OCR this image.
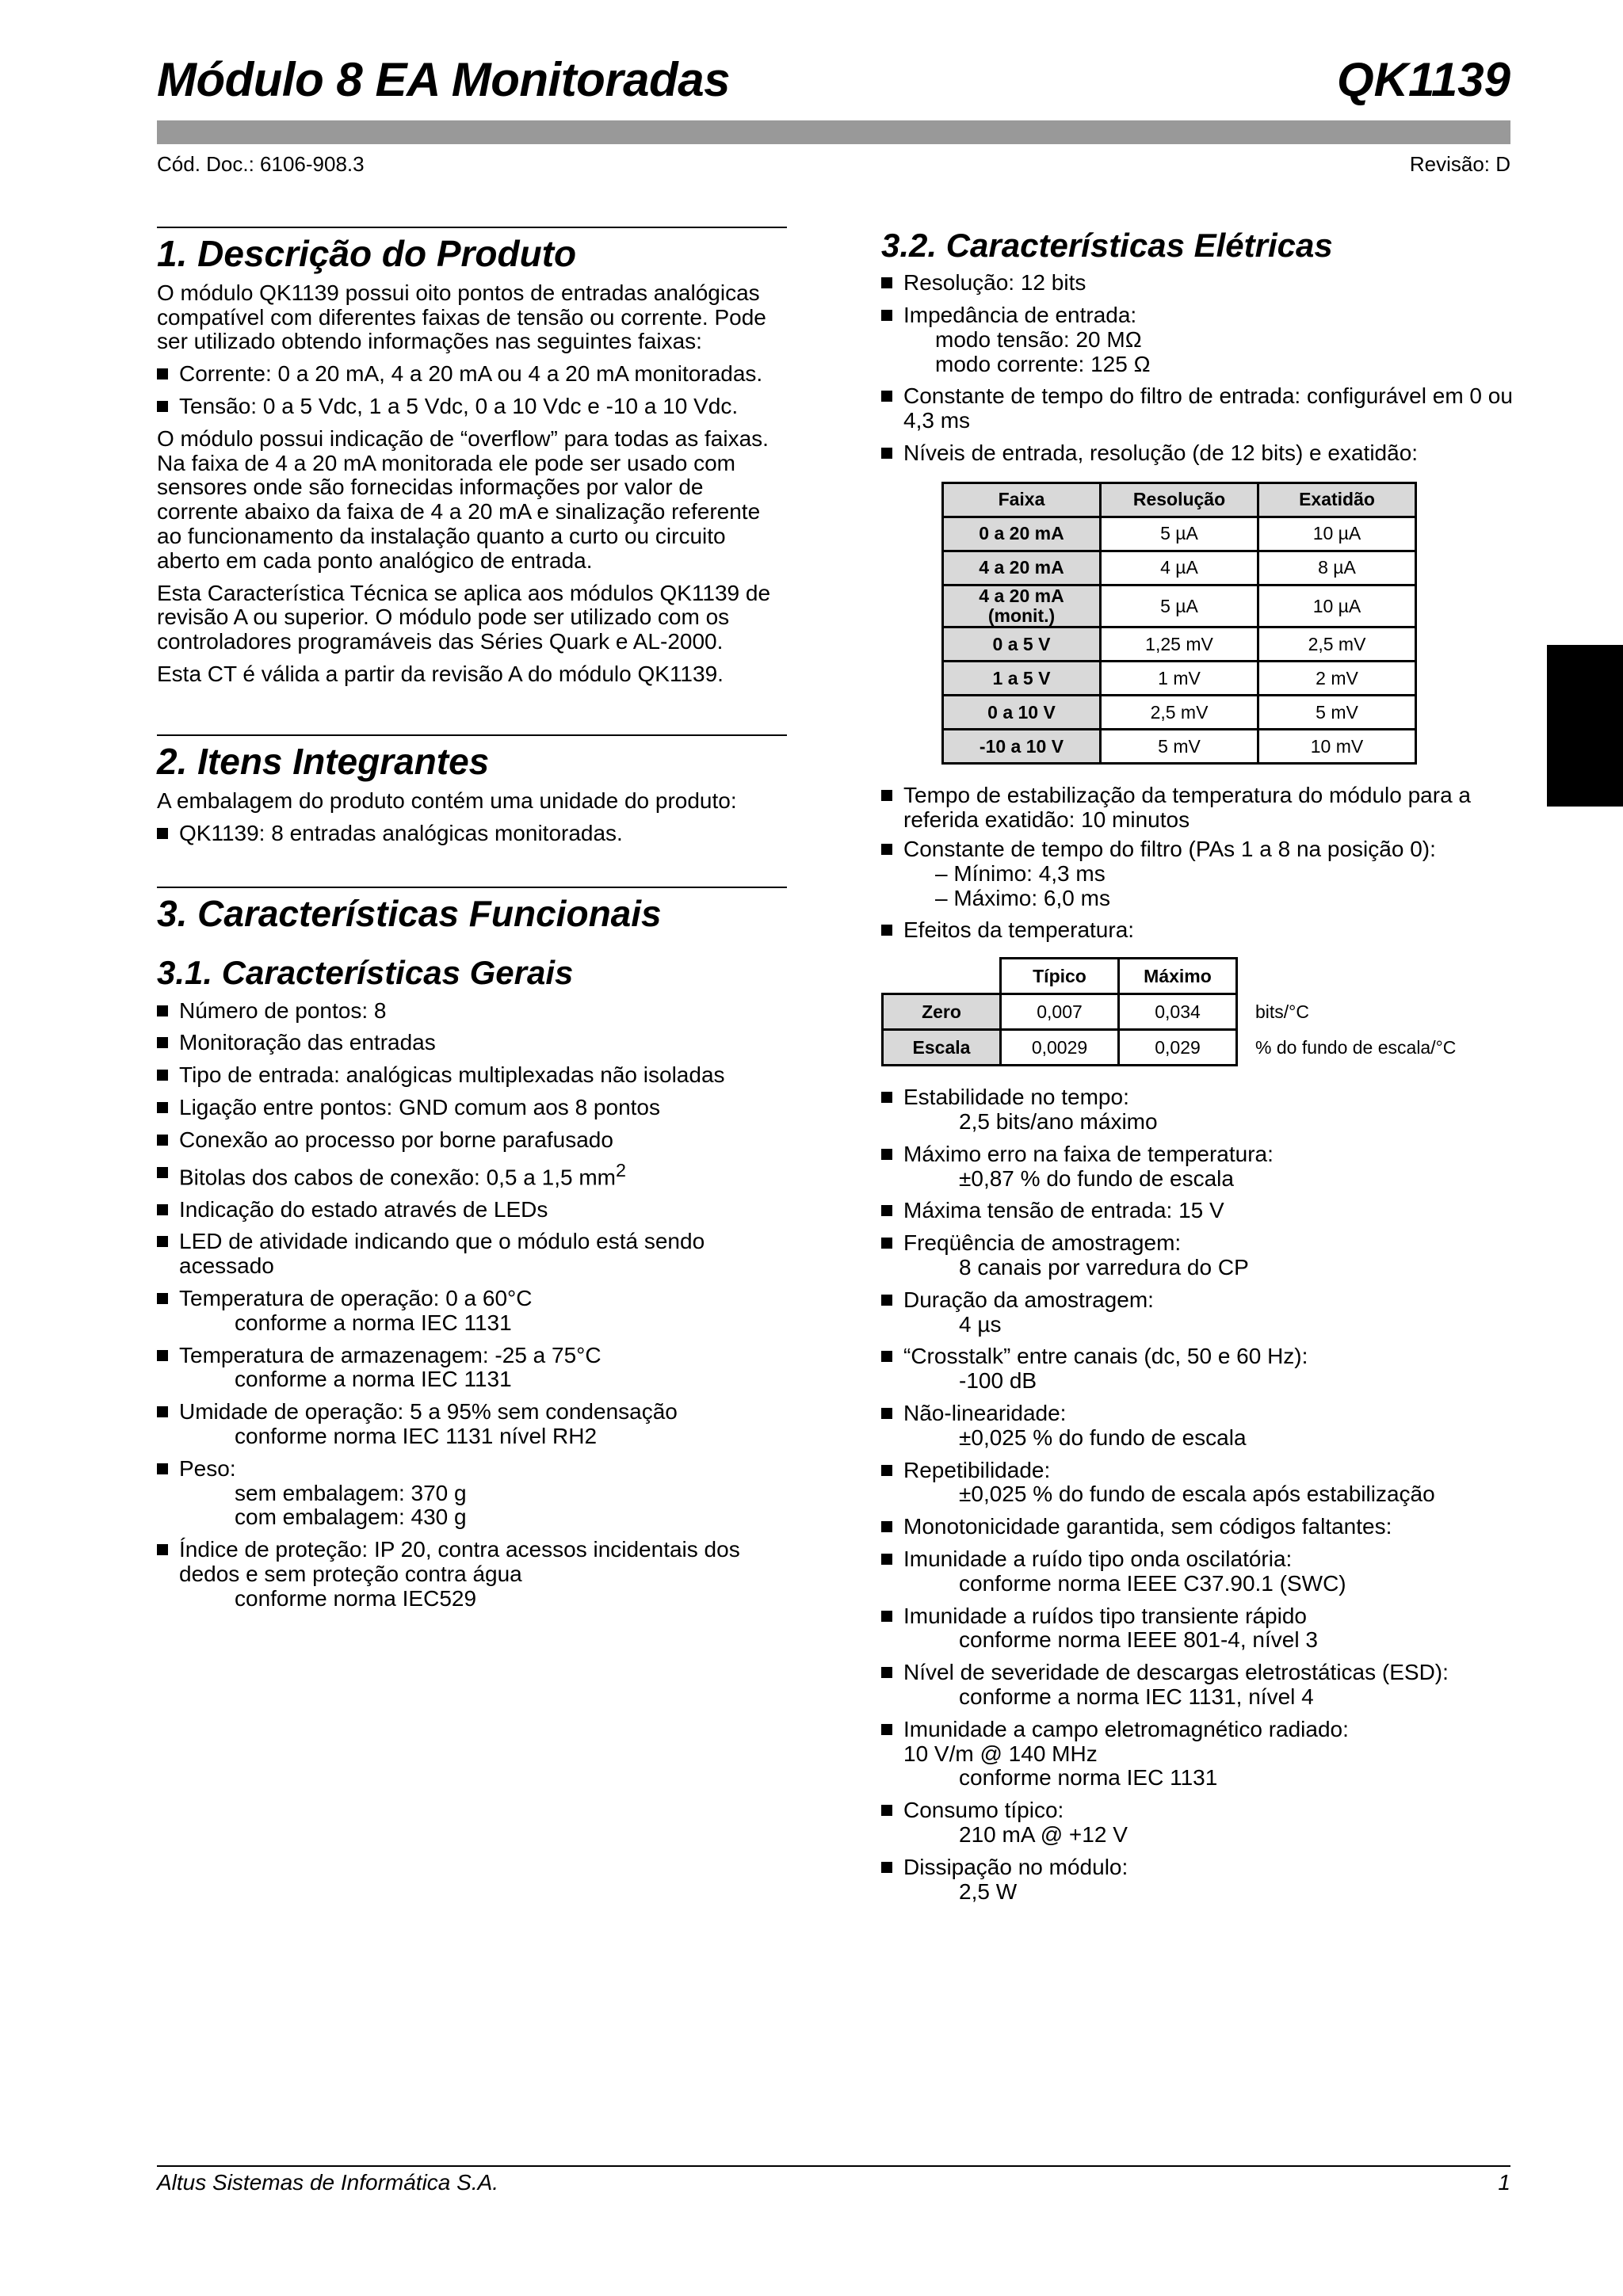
Módulo 8 EA Monitoradas	QK1139
Cód. Doc.: 6106-908.3	Revisão: D
1. Descrição do Produto

O módulo QK1139 possui oito pontos de entradas analógicas compatível com diferentes faixas de tensão ou corrente. Pode ser utilizado obtendo informações nas seguintes faixas:

Corrente: 0 a 20 mA, 4 a 20 mA ou 4 a 20 mA monitoradas.
Tensão: 0 a 5 Vdc, 1 a 5 Vdc, 0 a 10 Vdc e -10 a 10 Vdc.

O módulo possui indicação de “overflow” para todas as faixas. Na faixa de 4 a 20 mA monitorada ele pode ser usado com sensores onde são fornecidas informações por valor de corrente abaixo da faixa de 4 a 20 mA e sinalização referente ao funcionamento da instalação quanto a curto ou circuito aberto em cada ponto analógico de entrada.

Esta Característica Técnica se aplica aos módulos QK1139 de revisão A ou superior. O módulo pode ser utilizado com os controladores programáveis das Séries Quark e AL-2000.

Esta CT é válida a partir da revisão A do módulo QK1139.

2. Itens Integrantes

A embalagem do produto contém uma unidade do produto:

QK1139: 8 entradas analógicas monitoradas.
3. Características Funcionais
3.1. Características Gerais
Número de pontos: 8
Monitoração das entradas
Tipo de entrada: analógicas multiplexadas não isoladas
Ligação entre pontos: GND comum aos 8 pontos
Conexão ao processo por borne parafusado
Bitolas dos cabos de conexão: 0,5 a 1,5 $mm^2$
Indicação do estado através de LEDs
LED de atividade indicando que o módulo está sendo acessado
Temperatura de operação: 0 a 60°C
conforme a norma IEC 1131
Temperatura de armazenagem: -25 a 75°C
conforme a norma IEC 1131
Umidade de operação: 5 a 95% sem condensação
conforme norma IEC 1131 nível RH2
Peso:
sem embalagem: 370 g
com embalagem: 430 g
Índice de proteção: IP 20, contra acessos incidentais dos dedos e sem proteção contra água
conforme norma IEC529
3.2. Características Elétricas
Resolução: 12 bits
Impedância de entrada:
modo tensão: 20 MΩ
modo corrente: 125 Ω
Constante de tempo do filtro de entrada: configurável em 0 ou 4,3 ms
Níveis de entrada, resolução (de 12 bits) e exatidão:
Faixa	Resolução	Exatidão
0 a 20 mA	5 µA	10 µA
4 a 20 mA	4 µA	8 µA
4 a 20 mA (monit.)	5 µA	10 µA
0 a 5 V	1,25 mV	2,5 mV
1 a 5 V	1 mV	2 mV
0 a 10 V	2,5 mV	5 mV
-10 a 10 V	5 mV	10 mV
Tempo de estabilização da temperatura do módulo para a referida exatidão: 10 minutos
Constante de tempo do filtro (PAs 1 a 8 na posição 0):
– Mínimo: 4,3 ms
– Máximo: 6,0 ms
Efeitos da temperatura:
	Típico	Máximo	
Zero	0,007	0,034	bits/°C
Escala	0,0029	0,029	% do fundo de escala/°C
Estabilidade no tempo:
2,5 bits/ano máximo
Máximo erro na faixa de temperatura:
±0,87 % do fundo de escala
Máxima tensão de entrada: 15 V
Freqüência de amostragem:
8 canais por varredura do CP
Duração da amostragem:
4 µs
“Crosstalk” entre canais (dc, 50 e 60 Hz):
-100 dB
Não-linearidade:
±0,025 % do fundo de escala
Repetibilidade:
±0,025 % do fundo de escala após estabilização
Monotonicidade garantida, sem códigos faltantes:
Imunidade a ruído tipo onda oscilatória:
conforme norma IEEE C37.90.1 (SWC)
Imunidade a ruídos tipo transiente rápido
conforme norma IEEE 801-4, nível 3
Nível de severidade de descargas eletrostáticas (ESD):
conforme a norma IEC 1131, nível 4
Imunidade a campo eletromagnético radiado:
10 V/m @ 140 MHz
conforme norma IEC 1131
Consumo típico:
210 mA @ +12 V
Dissipação no módulo:
2,5 W
Altus Sistemas de Informática S.A.	1
